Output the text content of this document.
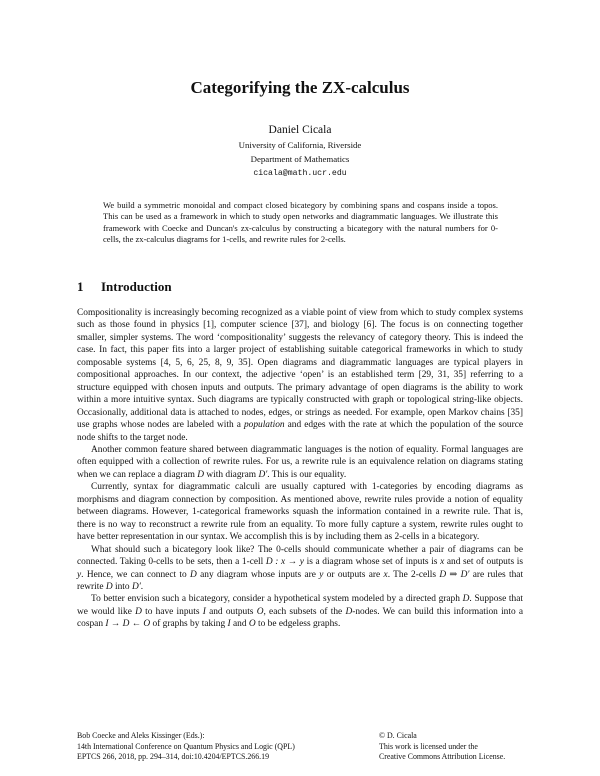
Categorifying the ZX-calculus
Daniel Cicala
University of California, Riverside
Department of Mathematics
cicala@math.ucr.edu
We build a symmetric monoidal and compact closed bicategory by combining spans and cospans inside a topos. This can be used as a framework in which to study open networks and diagrammatic languages. We illustrate this framework with Coecke and Duncan's zx-calculus by constructing a bicategory with the natural numbers for 0-cells, the zx-calculus diagrams for 1-cells, and rewrite rules for 2-cells.
1 Introduction

Compositionality is increasingly becoming recognized as a viable point of view from which to study complex systems such as those found in physics [1], computer science [37], and biology [6]. The focus is on connecting together smaller, simpler systems. The word ‘compositionality’ suggests the relevancy of category theory. This is indeed the case. In fact, this paper fits into a larger project of establishing suitable categorical frameworks in which to study composable systems [4, 5, 6, 25, 8, 9, 35]. Open diagrams and diagrammatic languages are typical players in compositional approaches. In our context, the adjective ‘open’ is an established term [29, 31, 35] referring to a structure equipped with chosen inputs and outputs. The primary advantage of open diagrams is the ability to work within a more intuitive syntax. Such diagrams are typically constructed with graph or topological string-like objects. Occasionally, additional data is attached to nodes, edges, or strings as needed. For example, open Markov chains [35] use graphs whose nodes are labeled with a population and edges with the rate at which the population of the source node shifts to the target node.

Another common feature shared between diagrammatic languages is the notion of equality. Formal languages are often equipped with a collection of rewrite rules. For us, a rewrite rule is an equivalence relation on diagrams stating when we can replace a diagram D with diagram D′. This is our equality.

Currently, syntax for diagrammatic calculi are usually captured with 1-categories by encoding diagrams as morphisms and diagram connection by composition. As mentioned above, rewrite rules provide a notion of equality between diagrams. However, 1-categorical frameworks squash the information contained in a rewrite rule. That is, there is no way to reconstruct a rewrite rule from an equality. To more fully capture a system, rewrite rules ought to have better representation in our syntax. We accomplish this is by including them as 2-cells in a bicategory.

What should such a bicategory look like? The 0-cells should communicate whether a pair of diagrams can be connected. Taking 0-cells to be sets, then a 1-cell D : x → y is a diagram whose set of inputs is x and set of outputs is y. Hence, we can connect to D any diagram whose inputs are y or outputs are x. The 2-cells D ⇒ D′ are rules that rewrite D into D′.

To better envision such a bicategory, consider a hypothetical system modeled by a directed graph D. Suppose that we would like D to have inputs I and outputs O, each subsets of the D-nodes. We can build this information into a cospan I → D ← O of graphs by taking I and O to be edgeless graphs.

Bob Coecke and Aleks Kissinger (Eds.):
14th International Conference on Quantum Physics and Logic (QPL)
EPTCS 266, 2018, pp. 294–314, doi:10.4204/EPTCS.266.19
© D. Cicala
This work is licensed under the
Creative Commons Attribution License.
